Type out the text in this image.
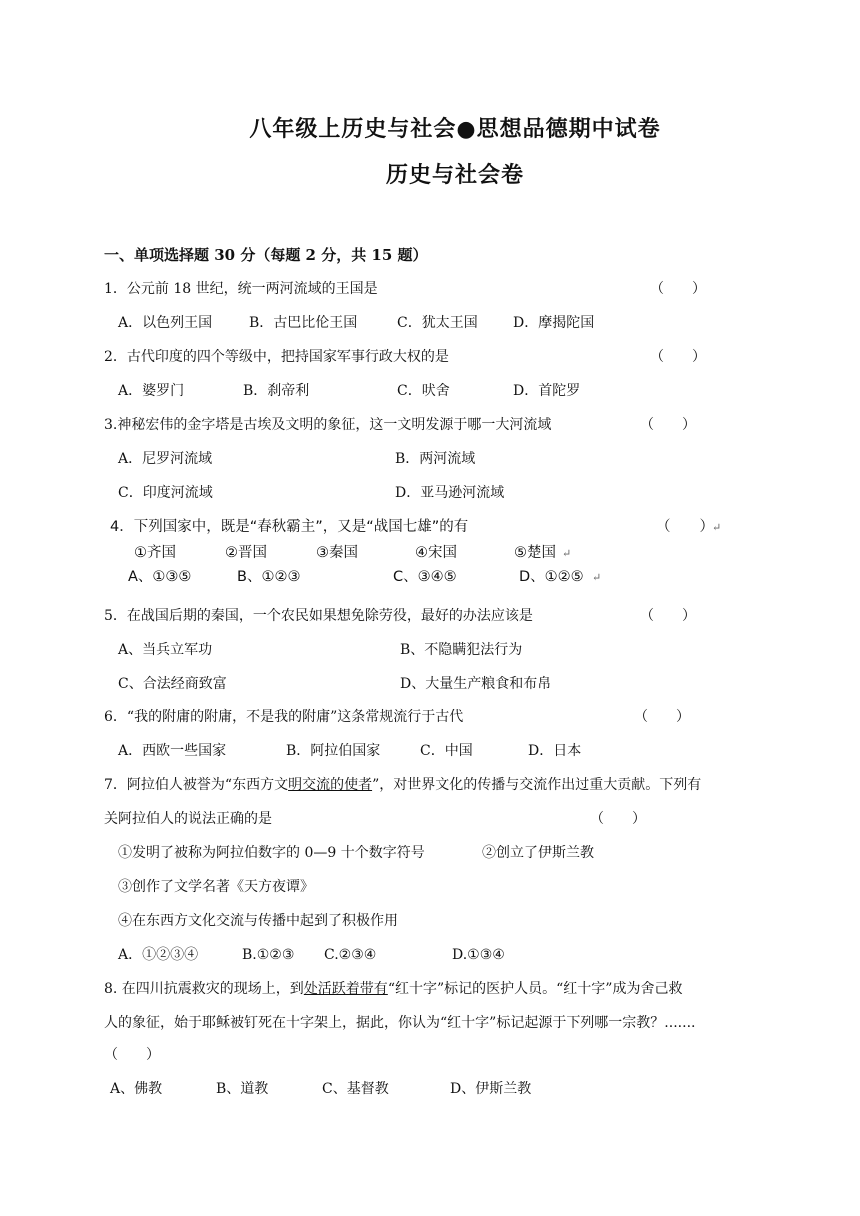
八年级上历史与社会●思想品德期中试卷
历史与社会卷
一、单项选择题 30 分（每题 2 分，共 15 题）
1．公元前 18 世纪，统一两河流域的王国是	（　　）
A．以色列王国	B．古巴比伦王国	C．犹太王国	D．摩揭陀国
2．古代印度的四个等级中，把持国家军事行政大权的是	（　　）
A．婆罗门	B．刹帝利	C．吠舍	D．首陀罗
3.神秘宏伟的金字塔是古埃及文明的象征，这一文明发源于哪一大河流域	（　　）
A．尼罗河流域	B．两河流域
C．印度河流域	D．亚马逊河流域
4．下列国家中，既是“春秋霸主”，又是“战国七雄”的有	（　　）
↵
①齐国	②晋国	③秦国	④宋国	⑤楚国 ↵
A、①③⑤	B、①②③	C、③④⑤	D、①②⑤ ↵
5．在战国后期的秦国，一个农民如果想免除劳役，最好的办法应该是	（　　）
A、当兵立军功	B、不隐瞒犯法行为
C、合法经商致富	D、大量生产粮食和布帛
6．“我的附庸的附庸，不是我的附庸”这条常规流行于古代	（　　）
A．西欧一些国家	B．阿拉伯国家	C．中国	D．日本
7．阿拉伯人被誉为“东西方文明交流的使者”，对世界文化的传播与交流作出过重大贡献。下列有
关阿拉伯人的说法正确的是	（　　）
①发明了被称为阿拉伯数字的 0—9 十个数字符号	②创立了伊斯兰教
③创作了文学名著《天方夜谭》
④在东西方文化交流与传播中起到了积极作用
A．①②③④	B.①②③ C.②③④	D.①③④
8. 在四川抗震救灾的现场上，到处活跃着带有“红十字”标记的医护人员。“红十字”成为舍己救
人的象征，始于耶稣被钉死在十字架上，据此，你认为“红十字”标记起源于下列哪一宗教？.......
（　　）
A、佛教	B、道教	C、基督教	D、伊斯兰教
